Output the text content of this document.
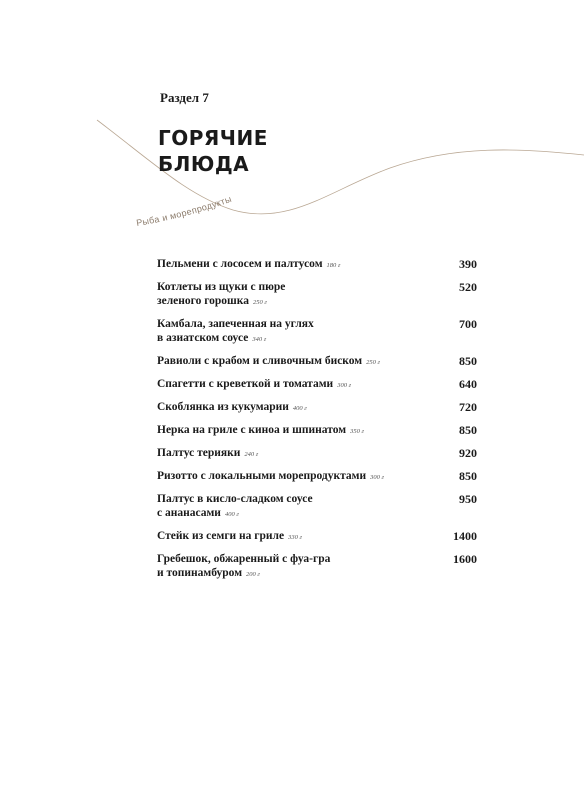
Рыба и морепродукты
Раздел 7
ГОРЯЧИЕ
БЛЮДА
Пельмени с лососем и палтусом 180 г	390
Котлеты из щуки с пюре
зеленого горошка 250 г
520
Камбала, запеченная на углях
в азиатском соусе 340 г
700
Равиоли с крабом и сливочным биском 250 г	850
Спагетти с креветкой и томатами 300 г	640
Скоблянка из кукумарии 400 г	720
Нерка на гриле с киноа и шпинатом 350 г	850
Палтус терияки 240 г	920
Ризотто с локальными морепродуктами 300 г	850
Палтус в кисло-сладком соусе
с ананасами 400 г
950
Стейк из семги на гриле 330 г	1400
Гребешок, обжаренный с фуа-гра
и топинамбуром 200 г
1600
